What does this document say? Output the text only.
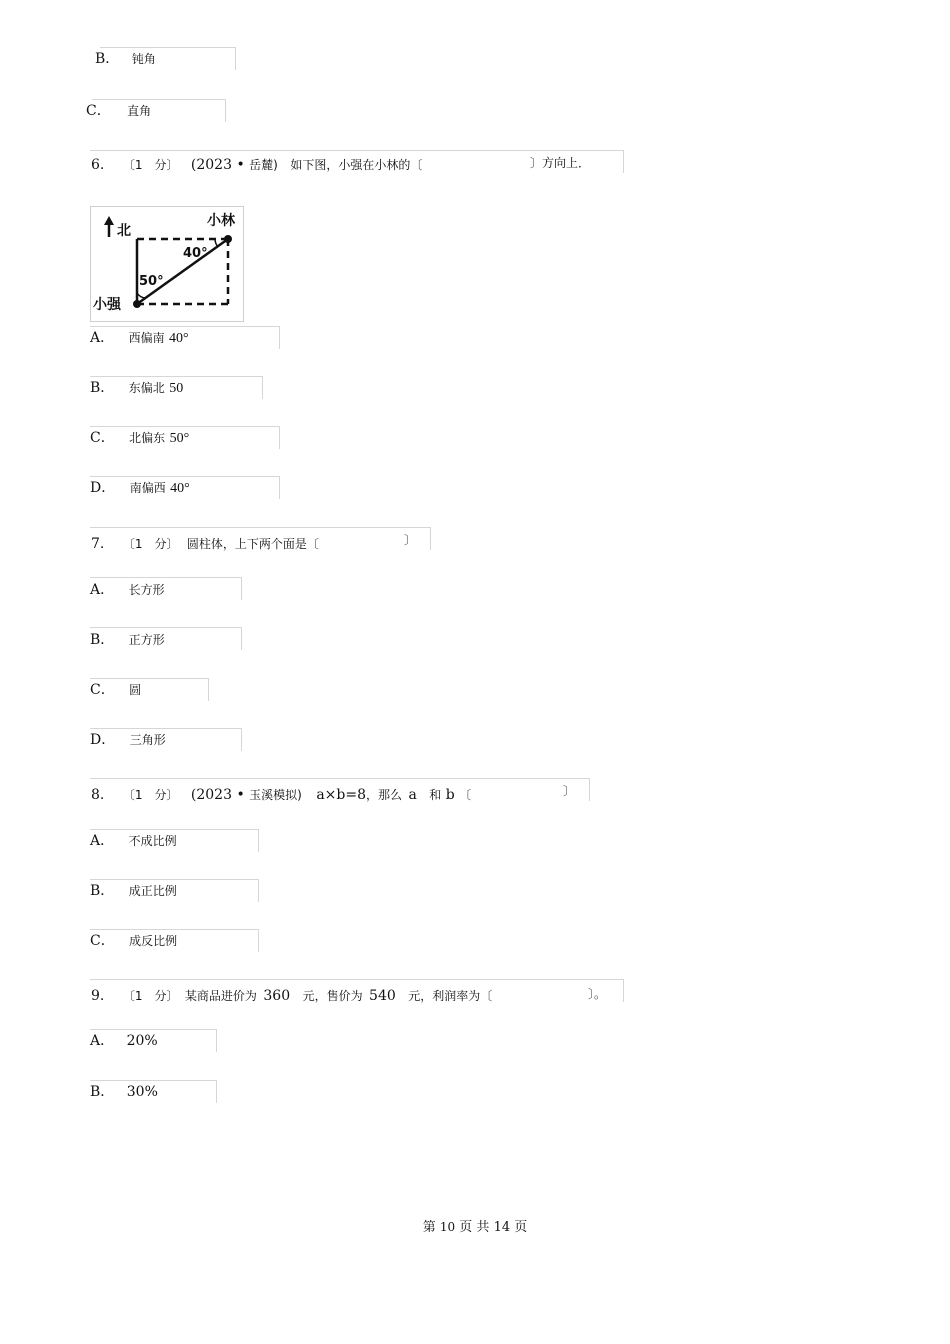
B． 钝角
C． 直角
6. 〔1　分〕 (2023 • 岳麓) 如下图，小强在小林的〔	〕方向上．
北
小林
小强
40°
50°
A． 西偏南 40°
B． 东偏北 50
C． 北偏东 50°
D． 南偏西 40°
7. 〔1　分〕 圆柱体，上下两个面是〔	〕
A． 长方形
B． 正方形
C． 圆
D． 三角形
8. 〔1　分〕 (2023 • 玉溪模拟) a×b=8，那么 a 和 b 〔	〕
A． 不成比例
B． 成正比例
C． 成反比例
9. 〔1　分〕 某商品进价为 360 元，售价为 540 元，利润率为〔	〕。
A． 20%
B． 30%
第 10 页 共 14 页
